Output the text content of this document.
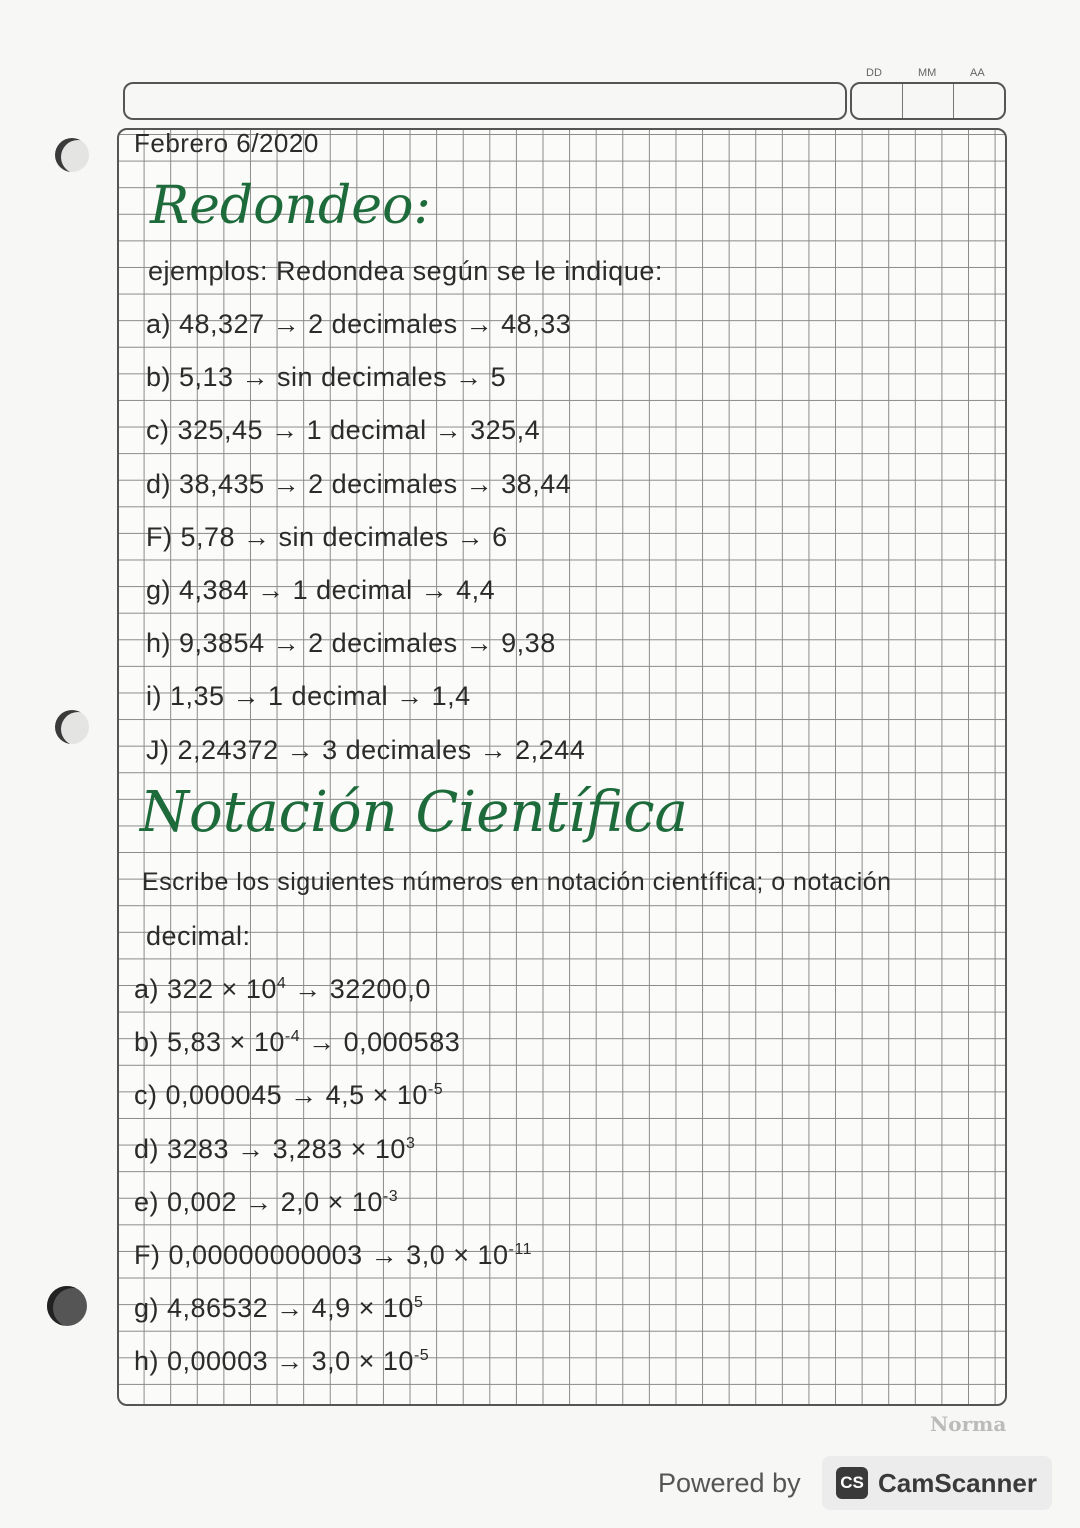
DD	MM	AA
Febrero 6/2020
Redondeo:
ejemplos: Redondea según se le indique:
Notación Científica
Escribe los siguientes números en notación científica; o notación
decimal:
a) 48,327 → 2 decimales → 48,33
b) 5,13 → sin decimales → 5
c) 325,45 → 1 decimal → 325,4
d) 38,435 → 2 decimales → 38,44
F) 5,78 → sin decimales → 6
g) 4,384 → 1 decimal → 4,4
h) 9,3854 → 2 decimales → 9,38
i) 1,35 → 1 decimal → 1,4
J) 2,24372 → 3 decimales → 2,244
a) $322 \times 10^4 \to 32200,0$
b) $5,83 \times 10^{-4} \to 0,000583$
c) $0,000045 \to 4,5 \times 10^{-5}$
d) $3283 \to 3,283 \times 10^3$
e) $0,002 \to 2,0 \times 10^{-3}$
F) $0,00000000003 \to 3,0 \times 10^{-11}$
g) $4,86532 \to 4,9 \times 10^5$
h) $0,00003 \to 3,0 \times 10^{-5}$
Norma
Powered by CS CamScanner
